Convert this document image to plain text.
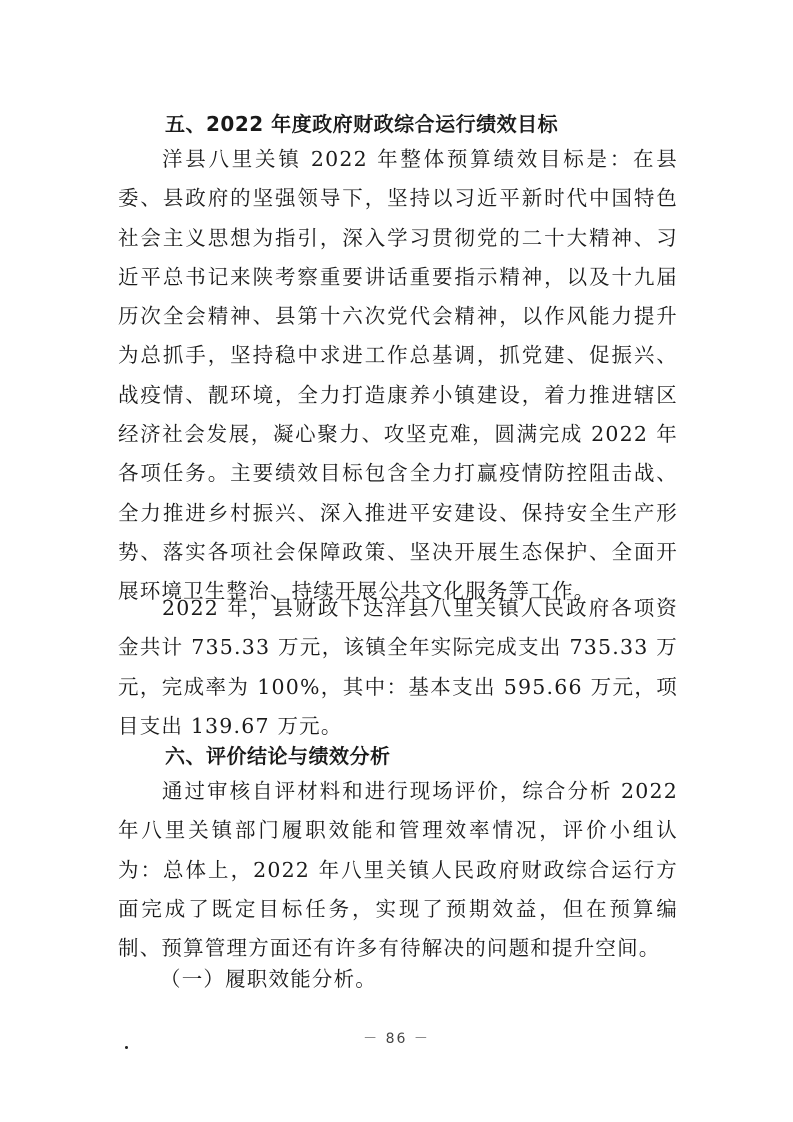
五、2022 年度政府财政综合运行绩效目标
洋县八里关镇 2022 年整体预算绩效目标是：在县委、县政府的坚强领导下，坚持以习近平新时代中国特色社会主义思想为指引，深入学习贯彻党的二十大精神、习近平总书记来陕考察重要讲话重要指示精神，以及十九届历次全会精神、县第十六次党代会精神，以作风能力提升为总抓手，坚持稳中求进工作总基调，抓党建、促振兴、战疫情、靓环境，全力打造康养小镇建设，着力推进辖区经济社会发展，凝心聚力、攻坚克难，圆满完成 2022 年各项任务。主要绩效目标包含全力打赢疫情防控阻击战、全力推进乡村振兴、深入推进平安建设、保持安全生产形势、落实各项社会保障政策、坚决开展生态保护、全面开展环境卫生整治、持续开展公共文化服务等工作。
2022 年，县财政下达洋县八里关镇人民政府各项资金共计 735.33 万元，该镇全年实际完成支出 735.33 万元，完成率为 100%，其中：基本支出 595.66 万元，项目支出 139.67 万元。
六、评价结论与绩效分析
通过审核自评材料和进行现场评价，综合分析 2022 年八里关镇部门履职效能和管理效率情况，评价小组认为：总体上，2022 年八里关镇人民政府财政综合运行方面完成了既定目标任务，实现了预期效益，但在预算编制、预算管理方面还有许多有待解决的问题和提升空间。
（一）履职效能分析。
－ 86 －
